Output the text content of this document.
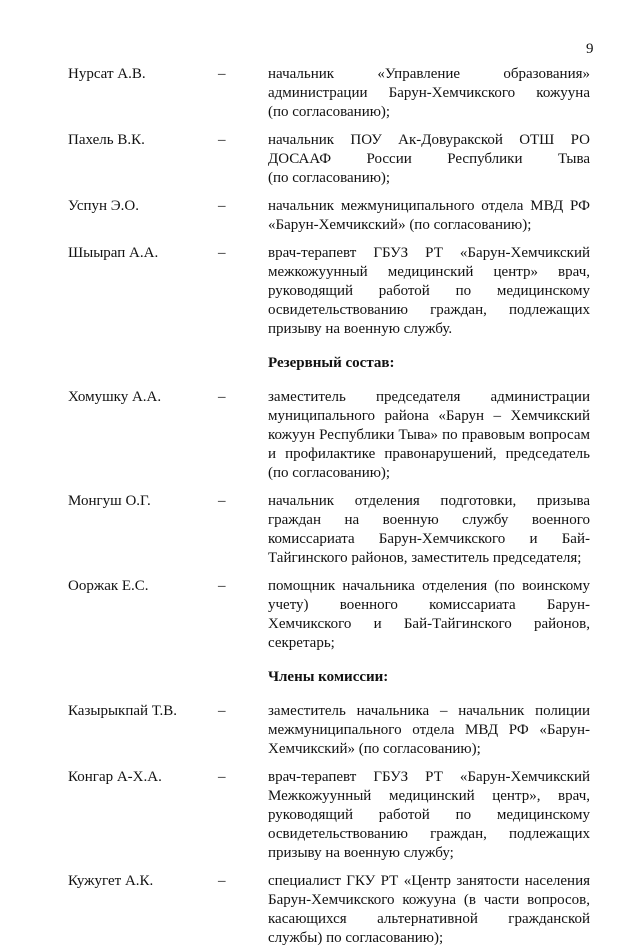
9
Нурсат А.В.	–	начальник «Управление образования»
администрации Барун-Хемчикского кожууна
(по согласованию);
Пахель В.К.	–	начальник ПОУ Ак-Довуракской ОТШ РО
ДОСААФ России Республики Тыва
(по согласованию);
Успун Э.О.	–	начальник межмуниципального отдела МВД РФ
«Барун-Хемчикский» (по согласованию);
Шыырап А.А.	–	врач-терапевт ГБУЗ РТ «Барун-Хемчикский
межкожуунный медицинский центр» врач,
руководящий работой по медицинскому
освидетельствованию граждан, подлежащих
призыву на военную службу.
Резервный состав:
Хомушку А.А.	–	заместитель председателя администрации
муниципального района «Барун – Хемчикский
кожуун Республики Тыва» по правовым вопросам
и профилактике правонарушений, председатель
(по согласованию);
Монгуш О.Г.	–	начальник отделения подготовки, призыва
граждан на военную службу военного
комиссариата Барун-Хемчикского и Бай-
Тайгинского районов, заместитель председателя;
Ооржак Е.С.	–	помощник начальника отделения (по воинскому
учету) военного комиссариата Барун-
Хемчикского и Бай-Тайгинского районов,
секретарь;
Члены комиссии:
Казырыкпай Т.В.	–	заместитель начальника – начальник полиции
межмуниципального отдела МВД РФ «Барун-
Хемчикский» (по согласованию);
Конгар А-Х.А.	–	врач-терапевт ГБУЗ РТ «Барун-Хемчикский
Межкожуунный медицинский центр», врач,
руководящий работой по медицинскому
освидетельствованию граждан, подлежащих
призыву на военную службу;
Кужугет А.К.	–	специалист ГКУ РТ «Центр занятости населения
Барун-Хемчикского кожууна (в части вопросов,
касающихся альтернативной гражданской
службы) по согласованию);
